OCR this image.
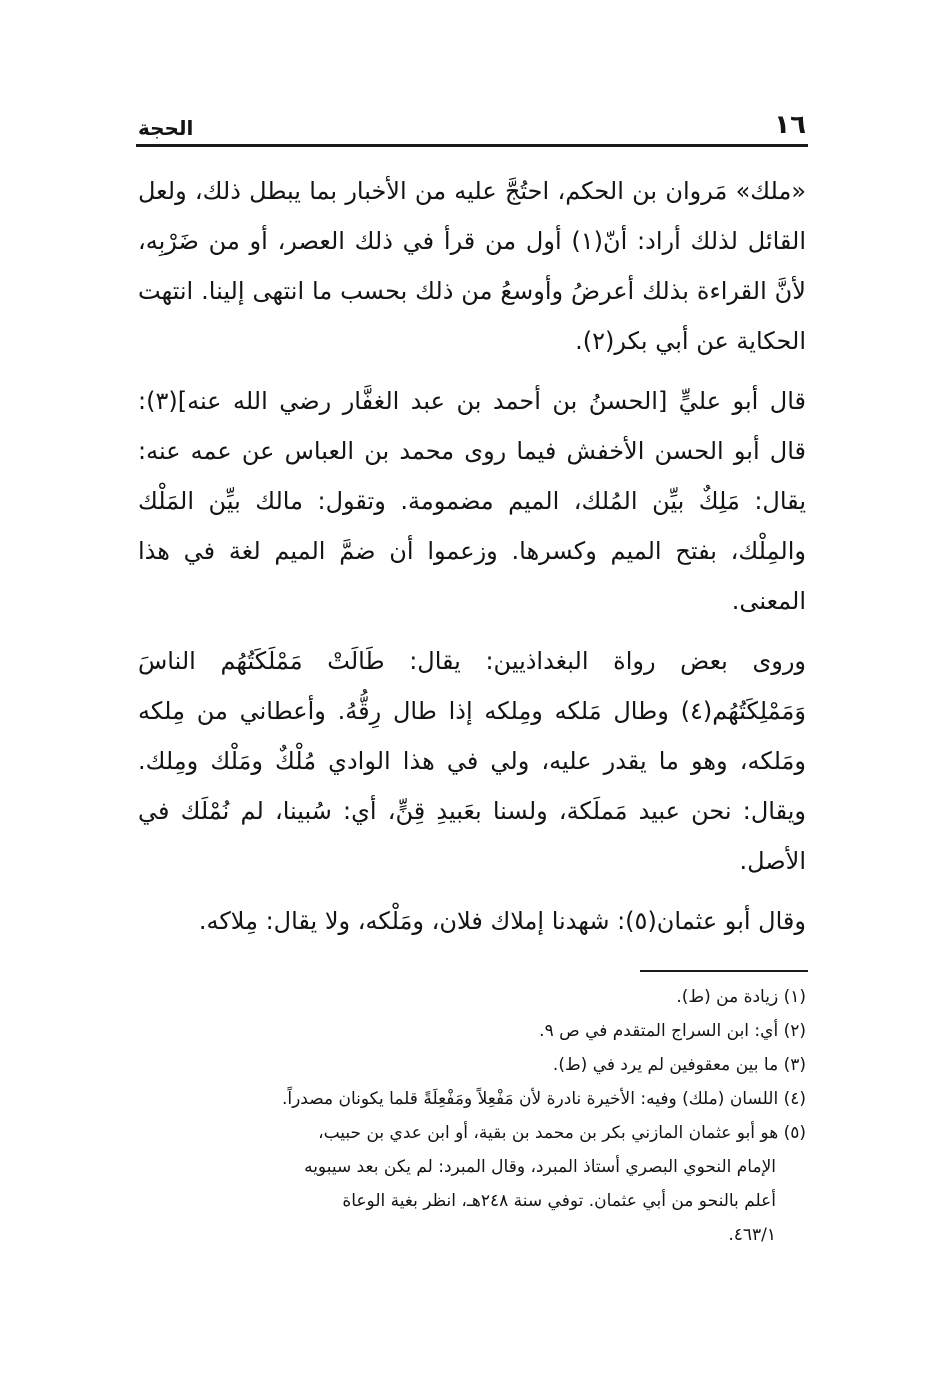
١٦
الحجة

«ملك» مَروان بن الحكم، احتُجَّ عليه من الأخبار بما يبطل ذلك، ولعل القائل لذلك أراد: أنّ(١) أول من قرأ في ذلك العصر، أو من ضَرْبِه، لأنَّ القراءة بذلك أعرضُ وأوسعُ من ذلك بحسب ما انتهى إلينا. انتهت الحكاية عن أبي بكر(٢).

قال أبو عليٍّ [الحسنُ بن أحمد بن عبد الغفَّار رضي الله عنه](٣): قال أبو الحسن الأخفش فيما روى محمد بن العباس عن عمه عنه: يقال: مَلِكٌ بيِّن المُلك، الميم مضمومة. وتقول: مالك بيِّن المَلْك والمِلْك، بفتح الميم وكسرها. وزعموا أن ضمَّ الميم لغة في هذا المعنى.

وروى بعض رواة البغداذيين: يقال: طَالَتْ مَمْلَكَتُهُم الناسَ وَمَمْلِكَتُهُم(٤) وطال مَلكه ومِلكه إذا طال رِقُّهُ. وأعطاني من مِلكه ومَلكه، وهو ما يقدر عليه، ولي في هذا الوادي مُلْكٌ ومَلْك ومِلك. ويقال: نحن عبيد مَملَكة، ولسنا بعَبيدِ قِنٍّ، أي: سُبينا، لم نُمْلَك في الأصل.

وقال أبو عثمان(٥): شهدنا إملاك فلان، ومَلْكه، ولا يقال: مِلاكه.

(١) زيادة من (ط).
(٢) أي: ابن السراج المتقدم في ص ٩.
(٣) ما بين معقوفين لم يرد في (ط).
(٤) اللسان (ملك) وفيه: الأخيرة نادرة لأن مَفْعِلاً ومَفْعِلَةً قلما يكونان مصدراً.
(٥) هو أبو عثمان المازني بكر بن محمد بن بقية، أو ابن عدي بن حبيب،
الإمام النحوي البصري أستاذ المبرد، وقال المبرد: لم يكن بعد سيبويه
أعلم بالنحو من أبي عثمان. توفي سنة ٢٤٨هـ، انظر بغية الوعاة
٤٦٣/١.
